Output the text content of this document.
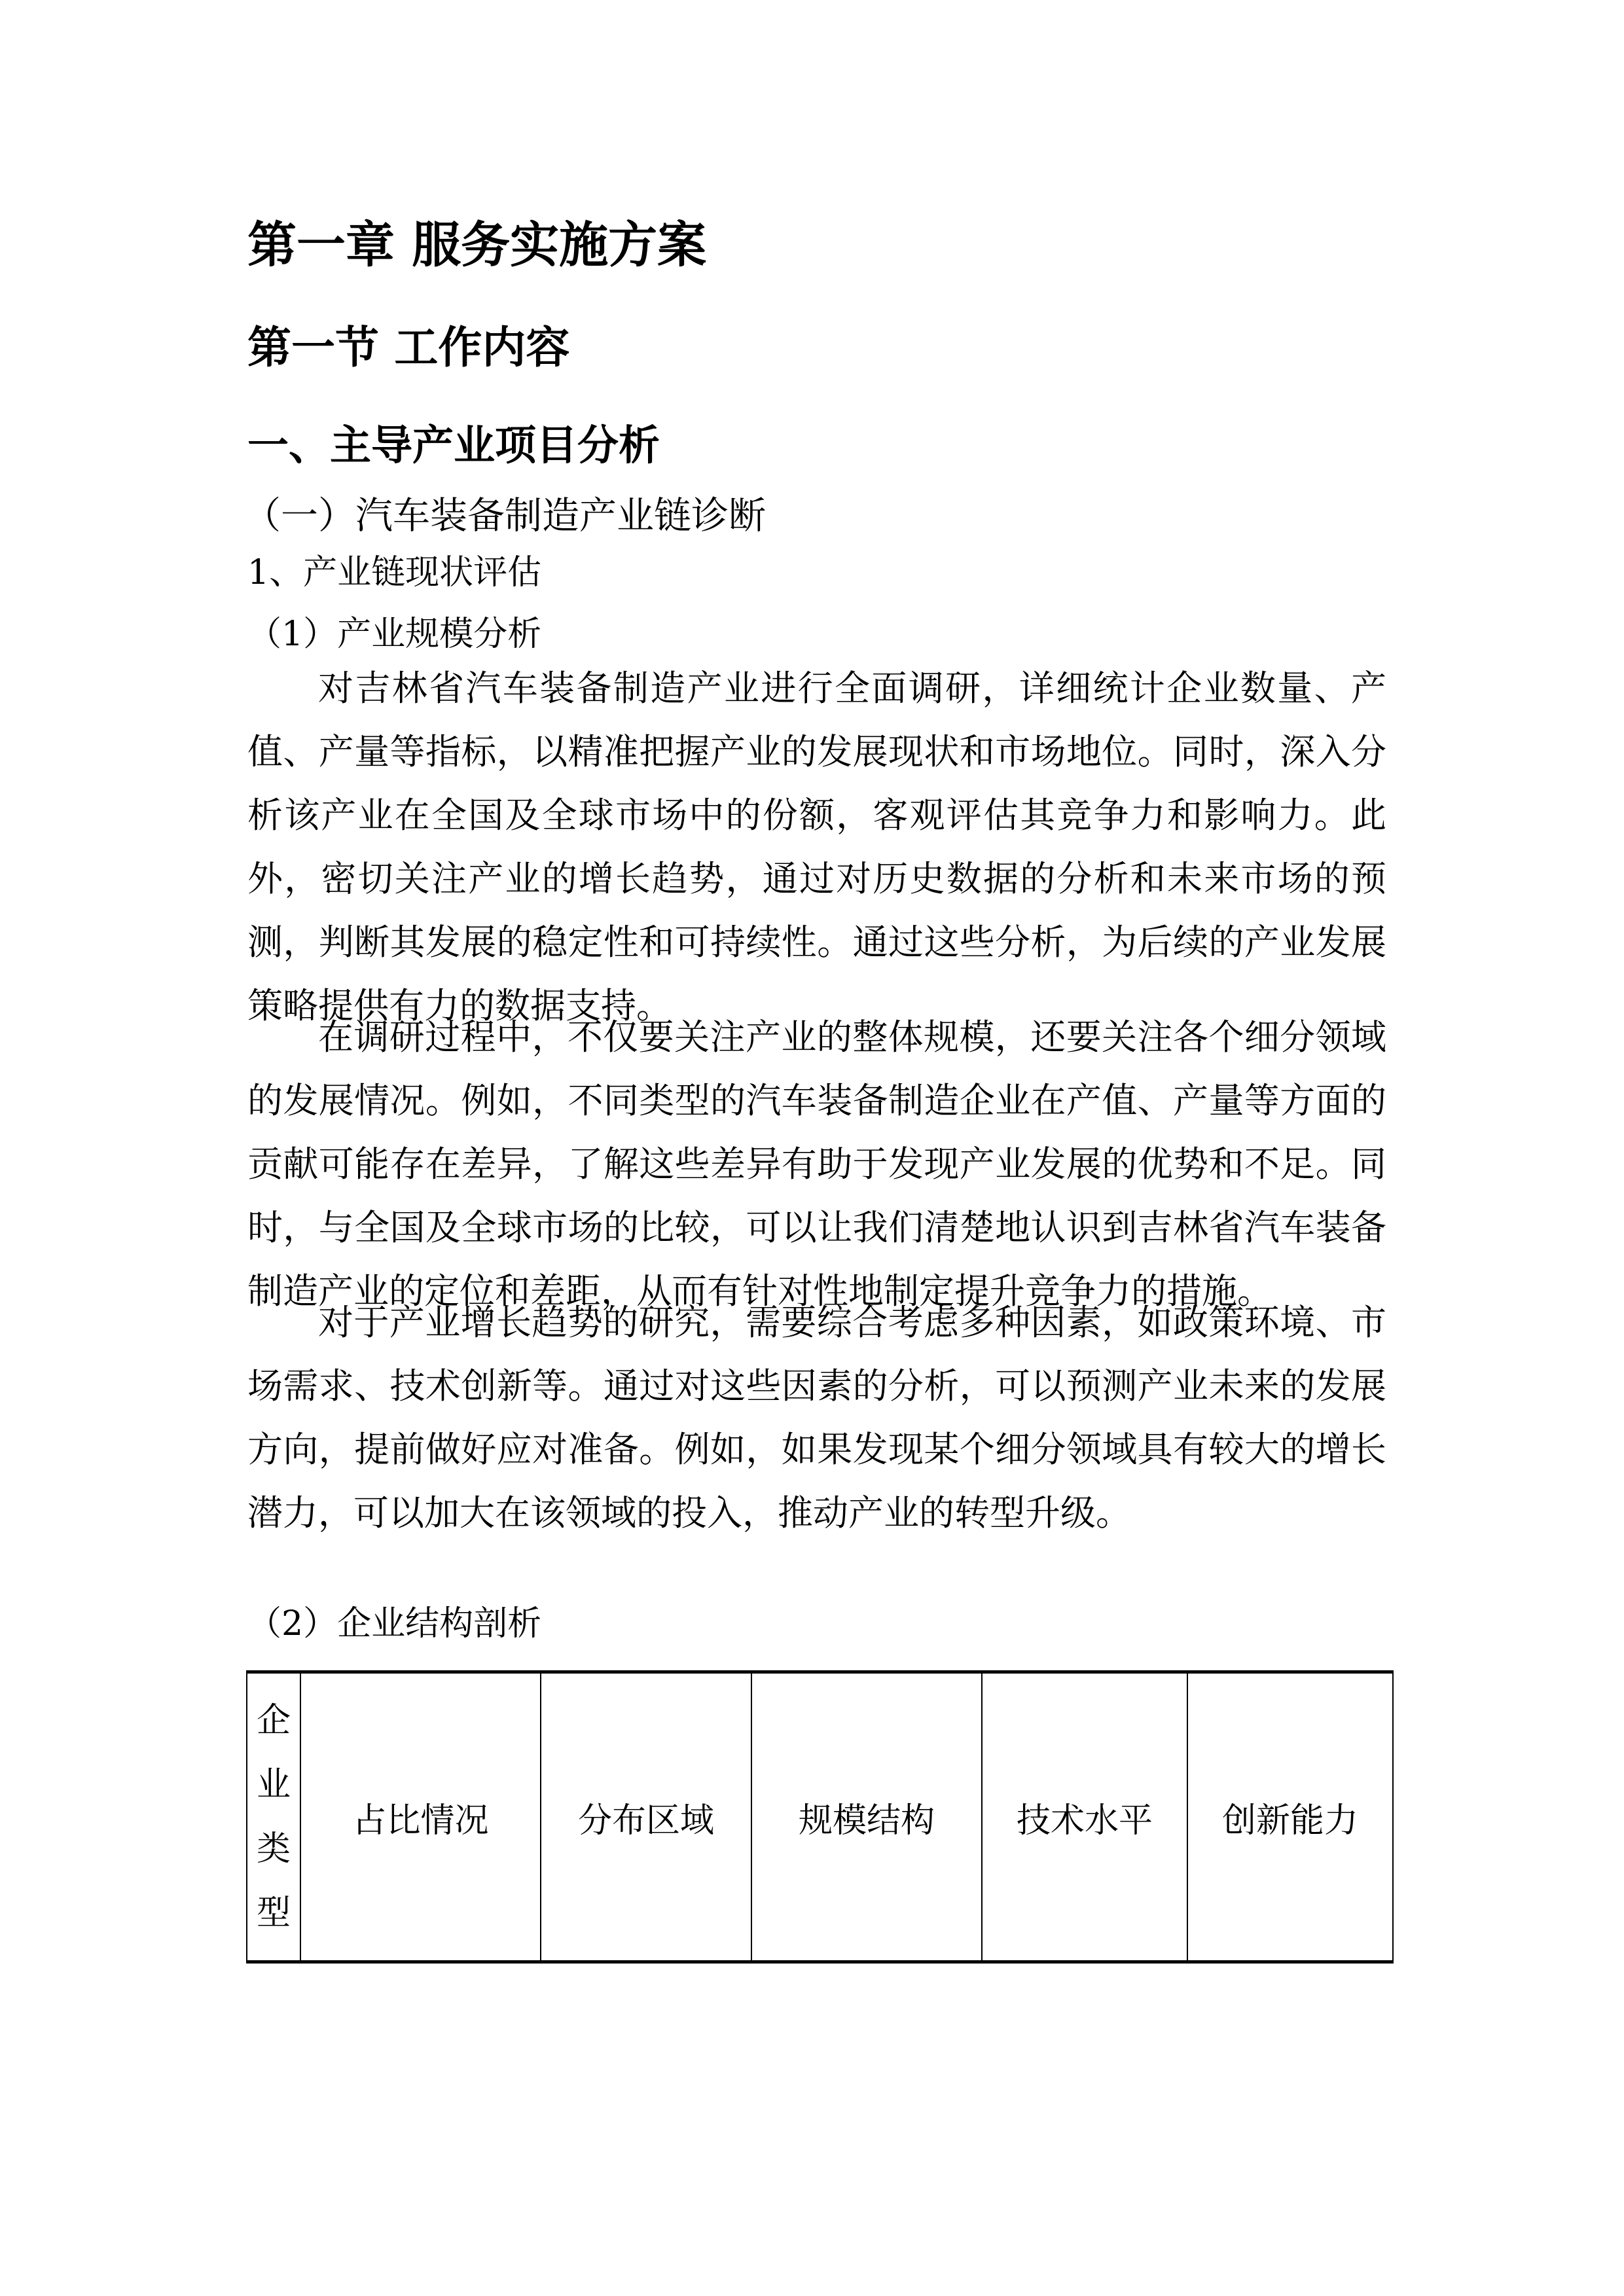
第一章 服务实施方案
第一节 工作内容
一、主导产业项目分析
（一）汽车装备制造产业链诊断
1、产业链现状评估
（1）产业规模分析

对吉林省汽车装备制造产业进行全面调研，详细统计企业数量、产值、产量等指标，以精准把握产业的发展现状和市场地位。同时，深入分析该产业在全国及全球市场中的份额，客观评估其竞争力和影响力。此外，密切关注产业的增长趋势，通过对历史数据的分析和未来市场的预测，判断其发展的稳定性和可持续性。通过这些分析，为后续的产业发展策略提供有力的数据支持。

在调研过程中，不仅要关注产业的整体规模，还要关注各个细分领域的发展情况。例如，不同类型的汽车装备制造企业在产值、产量等方面的贡献可能存在差异，了解这些差异有助于发现产业发展的优势和不足。同时，与全国及全球市场的比较，可以让我们清楚地认识到吉林省汽车装备制造产业的定位和差距，从而有针对性地制定提升竞争力的措施。

对于产业增长趋势的研究，需要综合考虑多种因素，如政策环境、市场需求、技术创新等。通过对这些因素的分析，可以预测产业未来的发展方向，提前做好应对准备。例如，如果发现某个细分领域具有较大的增长潜力，可以加大在该领域的投入，推动产业的转型升级。

（2）企业结构剖析
企业类型	占比情况	分布区域	规模结构	技术水平	创新能力
